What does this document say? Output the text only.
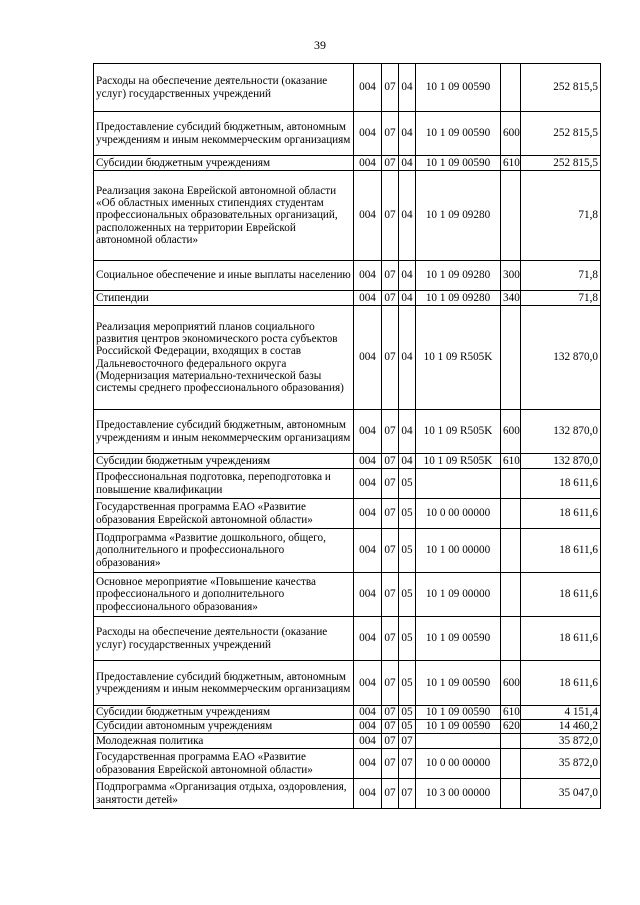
39
Расходы на обеспечение деятельности (оказание услуг) государственных учреждений	004	07	04	10 1 09 00590		252 815,5
Предоставление субсидий бюджетным, автономным учреждениям и иным некоммерческим организациям	004	07	04	10 1 09 00590	600	252 815,5
Субсидии бюджетным учреждениям	004	07	04	10 1 09 00590	610	252 815,5
Реализация закона Еврейской автономной области «Об областных именных стипендиях студентам профессиональных образовательных организаций, расположенных на территории Еврейской автономной области»	004	07	04	10 1 09 09280		71,8
Социальное обеспечение и иные выплаты населению	004	07	04	10 1 09 09280	300	71,8
Стипендии	004	07	04	10 1 09 09280	340	71,8
Реализация мероприятий планов социального развития центров экономического роста субъектов Российской Федерации, входящих в состав Дальневосточного федерального округа (Модернизация материально-технической базы системы среднего профессионального образования)	004	07	04	10 1 09 R505K		132 870,0
Предоставление субсидий бюджетным, автономным учреждениям и иным некоммерческим организациям	004	07	04	10 1 09 R505K	600	132 870,0
Субсидии бюджетным учреждениям	004	07	04	10 1 09 R505K	610	132 870,0
Профессиональная подготовка, переподготовка и повышение квалификации	004	07	05			18 611,6
Государственная программа ЕАО «Развитие образования Еврейской автономной области»	004	07	05	10 0 00 00000		18 611,6
Подпрограмма «Развитие дошкольного, общего, дополнительного и профессионального образования»	004	07	05	10 1 00 00000		18 611,6
Основное мероприятие «Повышение качества профессионального и дополнительного профессионального образования»	004	07	05	10 1 09 00000		18 611,6
Расходы на обеспечение деятельности (оказание услуг) государственных учреждений	004	07	05	10 1 09 00590		18 611,6
Предоставление субсидий бюджетным, автономным учреждениям и иным некоммерческим организациям	004	07	05	10 1 09 00590	600	18 611,6
Субсидии бюджетным учреждениям	004	07	05	10 1 09 00590	610	4 151,4
Субсидии автономным учреждениям	004	07	05	10 1 09 00590	620	14 460,2
Молодежная политика	004	07	07			35 872,0
Государственная программа ЕАО «Развитие образования Еврейской автономной области»	004	07	07	10 0 00 00000		35 872,0
Подпрограмма «Организация отдыха, оздоровления, занятости детей»	004	07	07	10 3 00 00000		35 047,0
